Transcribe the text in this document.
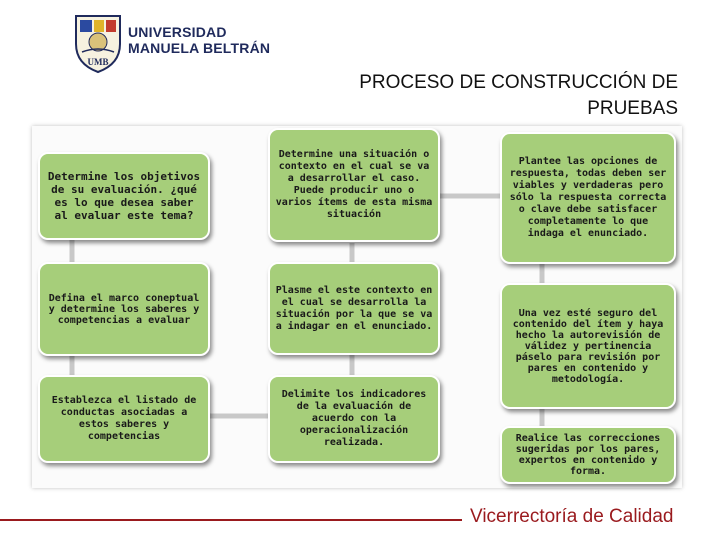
UMB
UNIVERSIDAD
MANUELA BELTRÁN
PROCESO DE CONSTRUCCIÓN DE PRUEBAS
Determine los objetivos de su evaluación. ¿qué es lo que desea saber al evaluar este tema?
Defina el marco coneptual y determine los saberes y competencias a evaluar
Establezca el listado de conductas asociadas a estos saberes y competencias
Determine una situación o contexto en el cual se va a desarrollar el caso. Puede producir uno o varios ítems de esta misma situación
Plasme el este contexto en el cual se desarrolla la situación por la que se va a indagar en el enunciado.
Delimite los indicadores de la evaluación de acuerdo con la operacionalización realizada.
Plantee las opciones de respuesta, todas deben ser viables y verdaderas pero sólo la respuesta correcta o clave debe satisfacer completamente lo que indaga el enunciado.
Una vez esté seguro del contenido del ítem y haya hecho la autorevisión de válidez y pertinencia páselo para revisión por pares en contenido y metodología.
Realice las correcciones sugeridas por los pares, expertos en contenido y forma.
Vicerrectoría de Calidad
